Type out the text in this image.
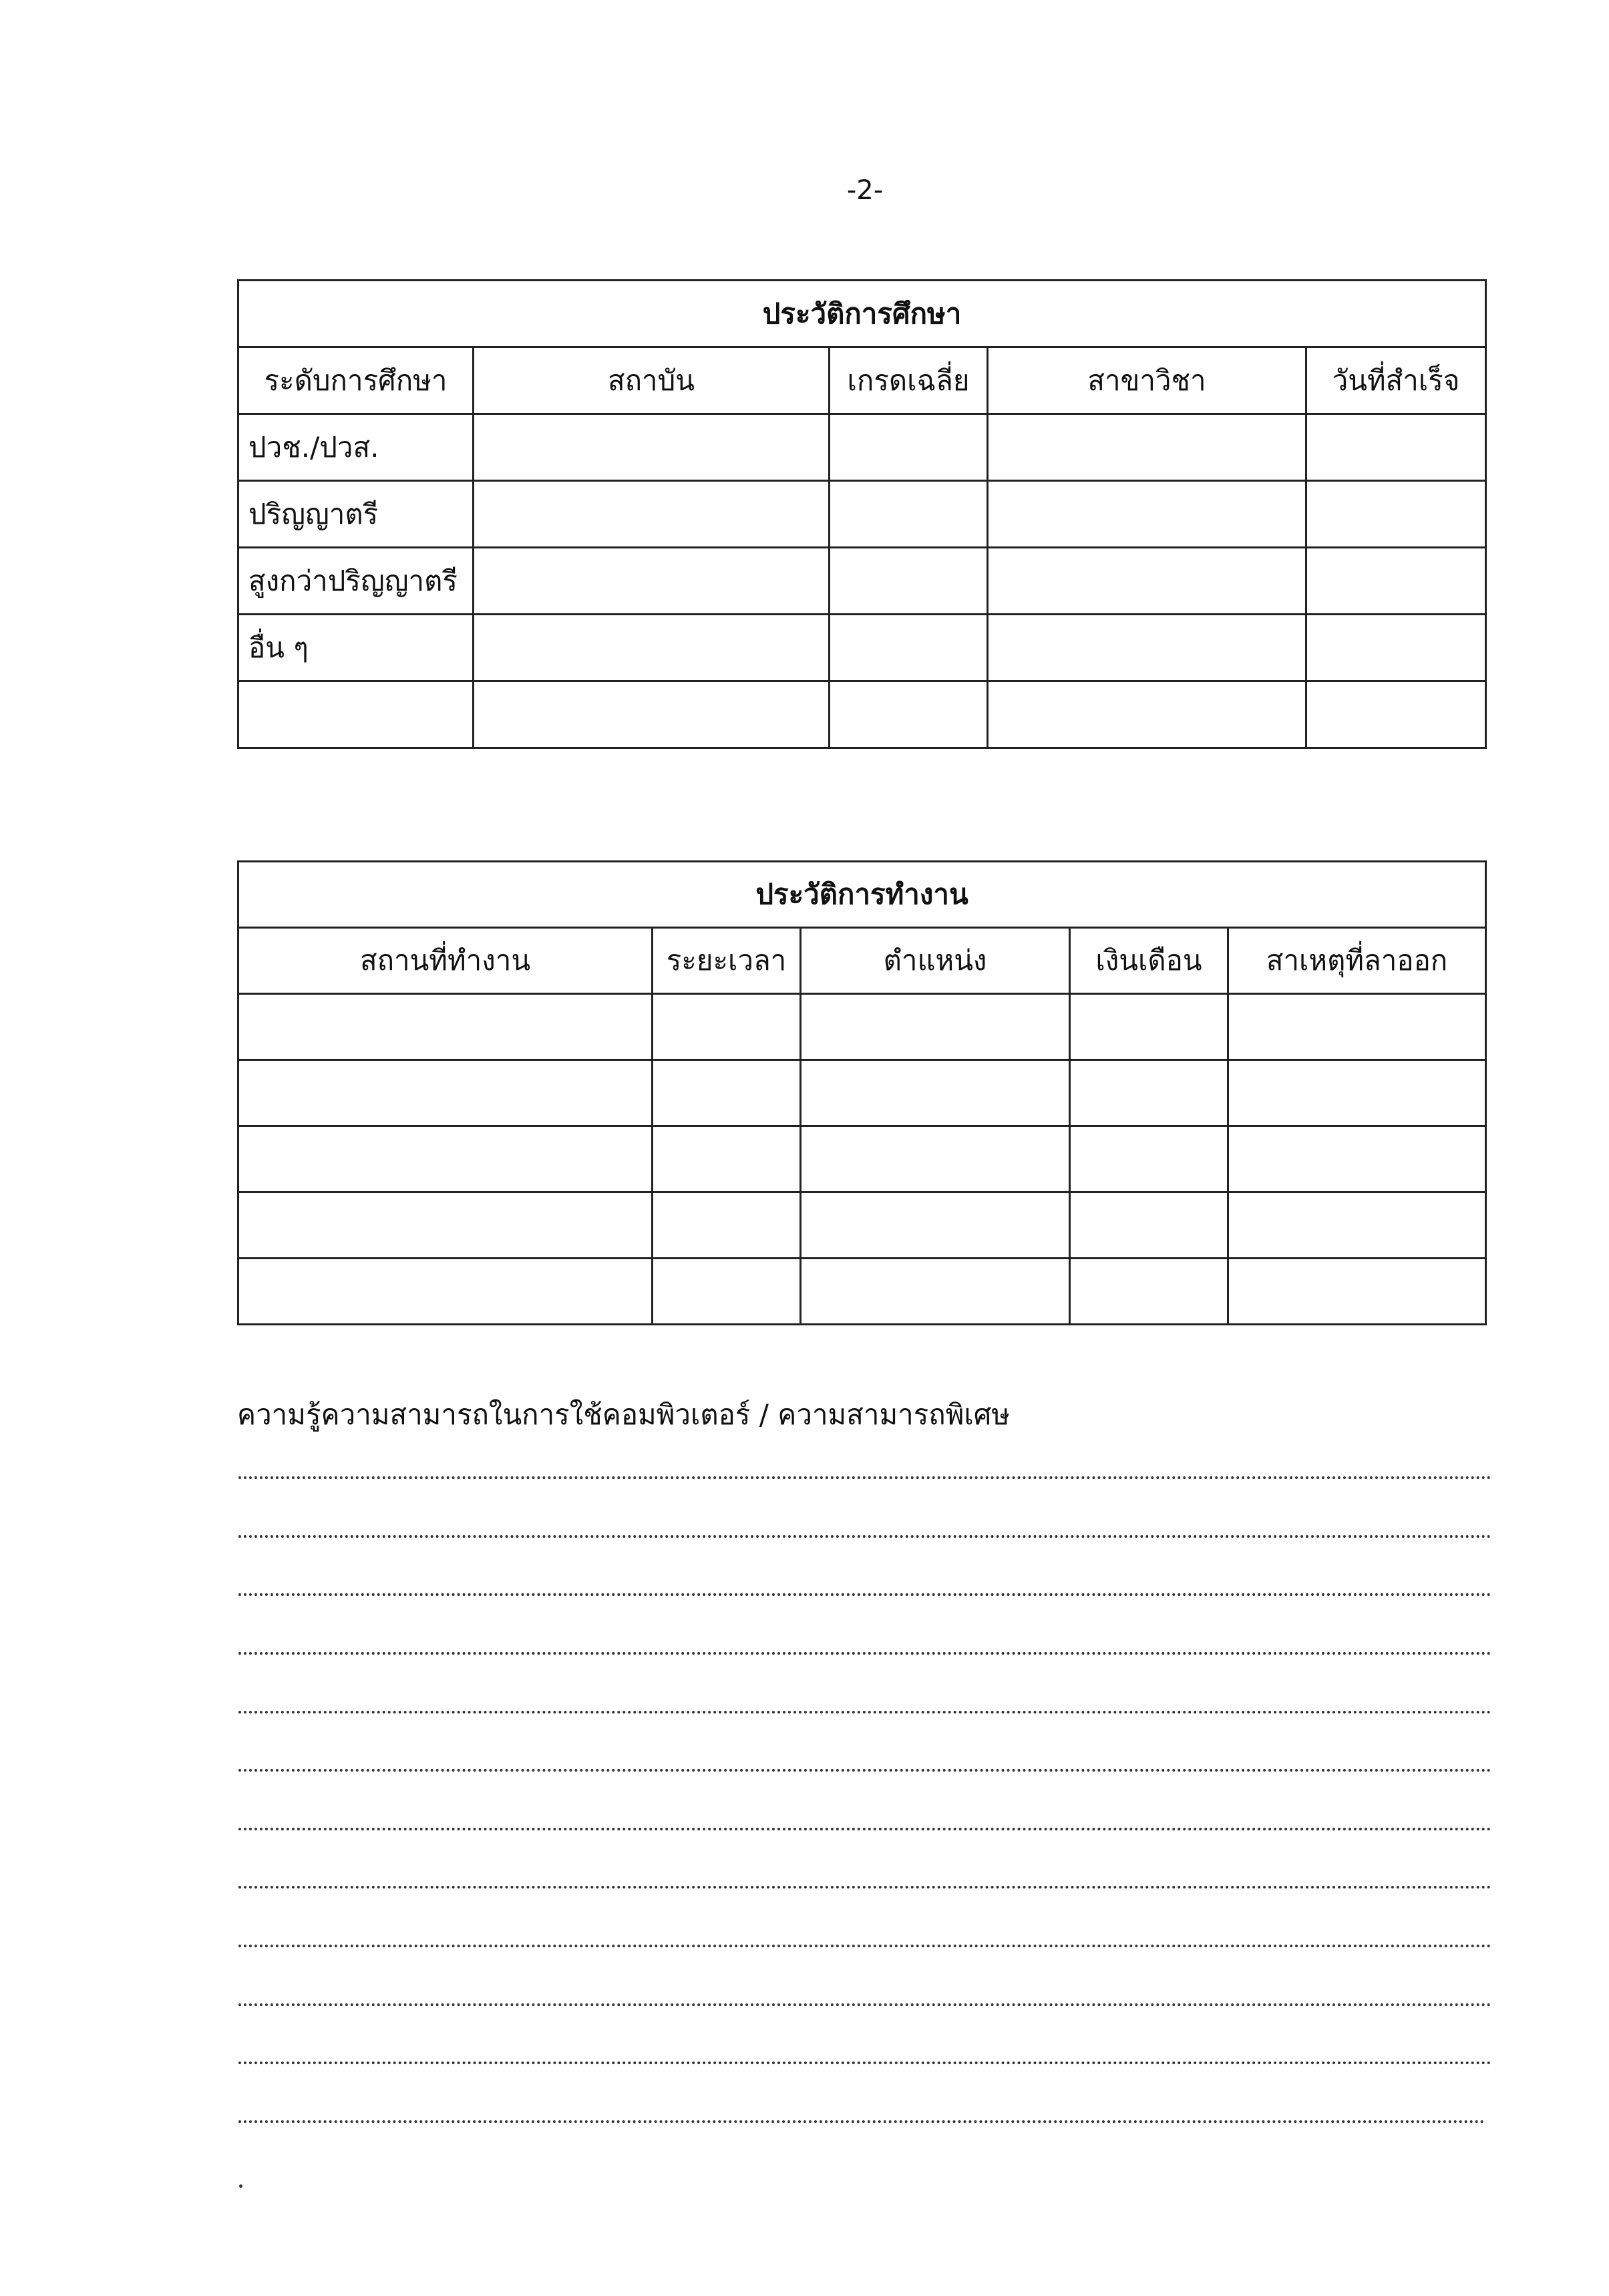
-2-
ประวัติการศึกษา				
ระดับการศึกษา	สถาบัน	เกรดเฉลี่ย	สาขาวิชา	วันที่สำเร็จ
ปวช./ปวส.				
ปริญญาตรี				
สูงกว่าปริญญาตรี				
อื่น ๆ				

ประวัติการทำงาน				
สถานที่ทำงาน	ระยะเวลา	ตำแหน่ง	เงินเดือน	สาเหตุที่ลาออก

ความรู้ความสามารถในการใช้คอมพิวเตอร์ / ความสามารถพิเศษ
